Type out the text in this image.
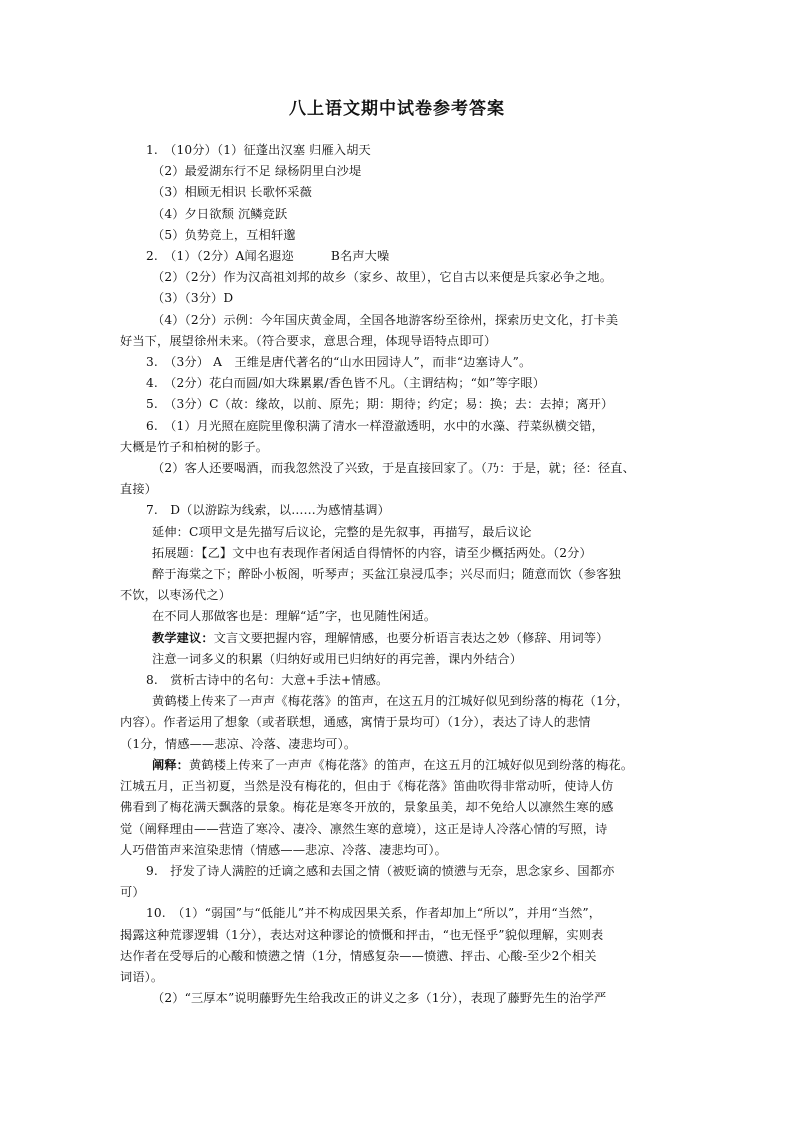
八上语文期中试卷参考答案
1.　（10分）（1）征蓬出汉塞 归雁入胡天
（2）最爱湖东行不足 绿杨阴里白沙堤
（3）相顾无相识 长歌怀采薇
（4）夕日欲颓 沉鳞竞跃
（5）负势竞上，互相轩邈
2.　（1）（2分）A闻名遐迩　　　B名声大噪
（2）（2分）作为汉高祖刘邦的故乡（家乡、故里），它自古以来便是兵家必争之地。
（3）（3分）D
（4）（2分）示例：今年国庆黄金周，全国各地游客纷至徐州，探索历史文化，打卡美
好当下，展望徐州未来。（符合要求，意思合理，体现导语特点即可）
3.　（3分） A　王维是唐代著名的“山水田园诗人”，而非“边塞诗人”。
4.　（2分）花白而圆/如大珠累累/香色皆不凡。（主谓结构；“如”等字眼）
5.　（3分）C（故：缘故，以前、原先；期：期待；约定；易：换；去：去掉；离开）
6.　（1）月光照在庭院里像积满了清水一样澄澈透明，水中的水藻、荇菜纵横交错，
大概是竹子和柏树的影子。
（2）客人还要喝酒，而我忽然没了兴致，于是直接回家了。（乃：于是，就；径：径直、
直接）
7.　D（以游踪为线索，以……为感情基调）
延伸：C项甲文是先描写后议论，完整的是先叙事，再描写，最后议论
拓展题：【乙】文中也有表现作者闲适自得情怀的内容，请至少概括两处。（2分）
醉于海棠之下；醉卧小板阁，听琴声；买盆江泉浸瓜李；兴尽而归；随意而饮（参客独
不饮，以枣汤代之）
在不同人那做客也是：理解“适”字，也见随性闲适。
教学建议：文言文要把握内容，理解情感，也要分析语言表达之妙（修辞、用词等）
注意一词多义的积累（归纳好或用已归纳好的再完善，课内外结合）
8.　赏析古诗中的名句：大意+手法+情感。
黄鹤楼上传来了一声声《梅花落》的笛声，在这五月的江城好似见到纷落的梅花（1分，
内容）。作者运用了想象（或者联想，通感，寓情于景均可）（1分），表达了诗人的悲情
（1分，情感——悲凉、冷落、凄悲均可）。
阐释：黄鹤楼上传来了一声声《梅花落》的笛声，在这五月的江城好似见到纷落的梅花。
江城五月，正当初夏，当然是没有梅花的，但由于《梅花落》笛曲吹得非常动听，使诗人仿
佛看到了梅花满天飘落的景象。梅花是寒冬开放的，景象虽美，却不免给人以凛然生寒的感
觉（阐释理由——营造了寒冷、凄冷、凛然生寒的意境），这正是诗人冷落心情的写照，诗
人巧借笛声来渲染悲情（情感——悲凉、冷落、凄悲均可）。
9.　抒发了诗人满腔的迁谪之感和去国之情（被贬谪的愤懑与无奈，思念家乡、国都亦
可）
10.　（1）“弱国”与“低能儿”并不构成因果关系，作者却加上“所以”，并用“当然”，
揭露这种荒谬逻辑（1分），表达对这种谬论的愤慨和抨击，“也无怪乎”貌似理解，实则表
达作者在受辱后的心酸和愤懑之情（1分，情感复杂——愤懑、抨击、心酸-至少2个相关
词语）。
（2）“三厚本”说明藤野先生给我改正的讲义之多（1分），表现了藤野先生的治学严
